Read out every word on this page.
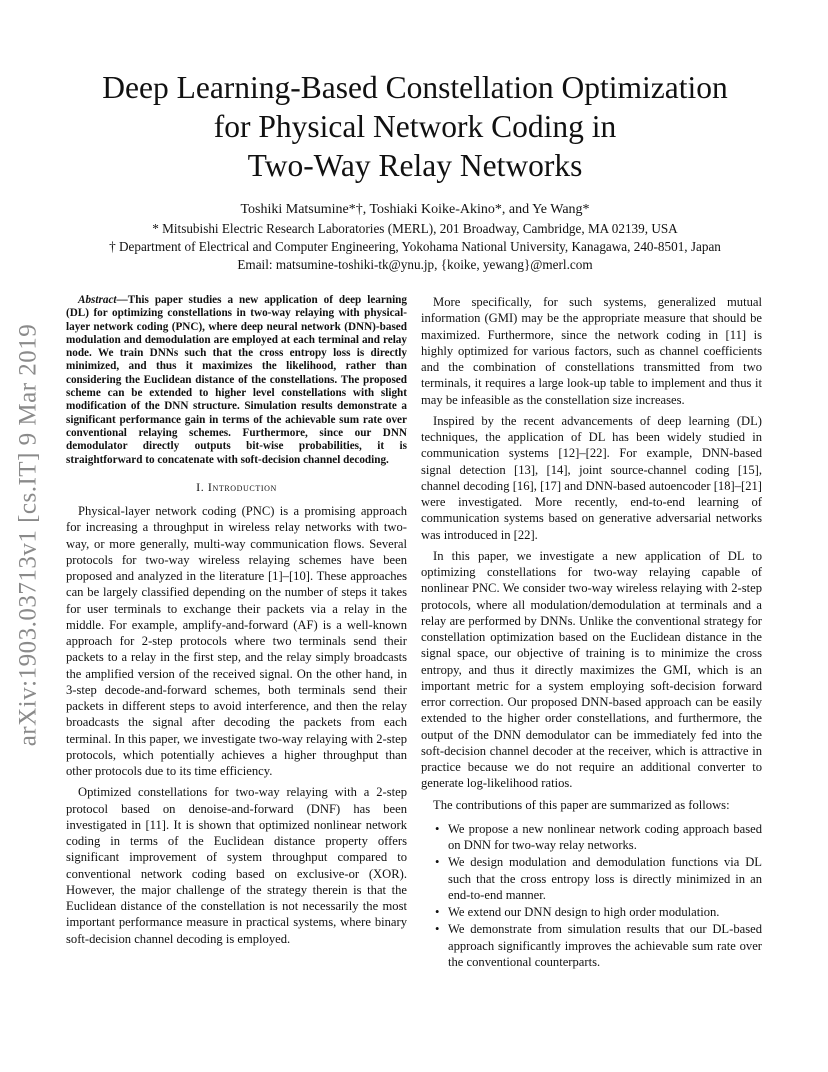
arXiv:1903.03713v1 [cs.IT] 9 Mar 2019
Deep Learning-Based Constellation Optimization
for Physical Network Coding in
Two-Way Relay Networks
Toshiki Matsumine*†, Toshiaki Koike-Akino*, and Ye Wang*
* Mitsubishi Electric Research Laboratories (MERL), 201 Broadway, Cambridge, MA 02139, USA
† Department of Electrical and Computer Engineering, Yokohama National University, Kanagawa, 240-8501, Japan
Email: matsumine-toshiki-tk@ynu.jp, {koike, yewang}@merl.com

Abstract—This paper studies a new application of deep learning (DL) for optimizing constellations in two-way relaying with physical-layer network coding (PNC), where deep neural network (DNN)-based modulation and demodulation are employed at each terminal and relay node. We train DNNs such that the cross entropy loss is directly minimized, and thus it maximizes the likelihood, rather than considering the Euclidean distance of the constellations. The proposed scheme can be extended to higher level constellations with slight modification of the DNN structure. Simulation results demonstrate a significant performance gain in terms of the achievable sum rate over conventional relaying schemes. Furthermore, since our DNN demodulator directly outputs bit-wise probabilities, it is straightforward to concatenate with soft-decision channel decoding.

I. Introduction

Physical-layer network coding (PNC) is a promising approach for increasing a throughput in wireless relay networks with two-way, or more generally, multi-way communication flows. Several protocols for two-way wireless relaying schemes have been proposed and analyzed in the literature [1]–[10]. These approaches can be largely classified depending on the number of steps it takes for user terminals to exchange their packets via a relay in the middle. For example, amplify-and-forward (AF) is a well-known approach for 2-step protocols where two terminals send their packets to a relay in the first step, and the relay simply broadcasts the amplified version of the received signal. On the other hand, in 3-step decode-and-forward schemes, both terminals send their packets in different steps to avoid interference, and then the relay broadcasts the signal after decoding the packets from each terminal. In this paper, we investigate two-way relaying with 2-step protocols, which potentially achieves a higher throughput than other protocols due to its time efficiency.

Optimized constellations for two-way relaying with a 2-step protocol based on denoise-and-forward (DNF) has been investigated in [11]. It is shown that optimized nonlinear network coding in terms of the Euclidean distance property offers significant improvement of system throughput compared to conventional network coding based on exclusive-or (XOR). However, the major challenge of the strategy therein is that the Euclidean distance of the constellation is not necessarily the most important performance measure in practical systems, where binary soft-decision channel decoding is employed.

More specifically, for such systems, generalized mutual information (GMI) may be the appropriate measure that should be maximized. Furthermore, since the network coding in [11] is highly optimized for various factors, such as channel coefficients and the combination of constellations transmitted from two terminals, it requires a large look-up table to implement and thus it may be infeasible as the constellation size increases.

Inspired by the recent advancements of deep learning (DL) techniques, the application of DL has been widely studied in communication systems [12]–[22]. For example, DNN-based signal detection [13], [14], joint source-channel coding [15], channel decoding [16], [17] and DNN-based autoencoder [18]–[21] were investigated. More recently, end-to-end learning of communication systems based on generative adversarial networks was introduced in [22].

In this paper, we investigate a new application of DL to optimizing constellations for two-way relaying capable of nonlinear PNC. We consider two-way wireless relaying with 2-step protocols, where all modulation/demodulation at terminals and a relay are performed by DNNs. Unlike the conventional strategy for constellation optimization based on the Euclidean distance in the signal space, our objective of training is to minimize the cross entropy, and thus it directly maximizes the GMI, which is an important metric for a system employing soft-decision forward error correction. Our proposed DNN-based approach can be easily extended to the higher order constellations, and furthermore, the output of the DNN demodulator can be immediately fed into the soft-decision channel decoder at the receiver, which is attractive in practice because we do not require an additional converter to generate log-likelihood ratios.

The contributions of this paper are summarized as follows:

• We propose a new nonlinear network coding approach based on DNN for two-way relay networks.
• We design modulation and demodulation functions via DL such that the cross entropy loss is directly minimized in an end-to-end manner.
• We extend our DNN design to high order modulation.
• We demonstrate from simulation results that our DL-based approach significantly improves the achievable sum rate over the conventional counterparts.
